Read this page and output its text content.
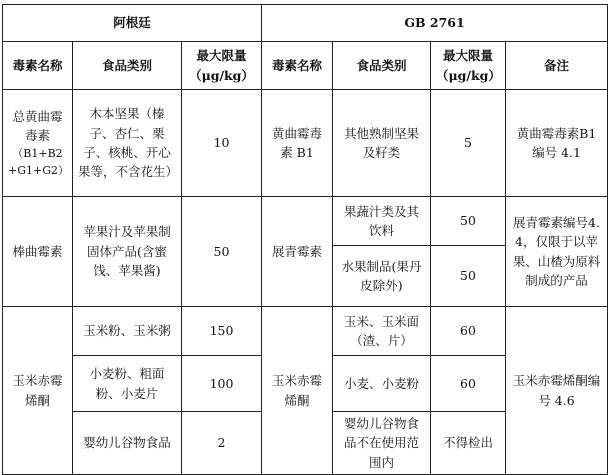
阿根廷			GB 2761			
毒素名称	食品类别	最大限量（μg/kg）	毒素名称	食品类别	最大限量（μg/kg）	备注

总黄曲霉毒素
（B1+B2+G1+G2）	木本坚果（榛子、杏仁、栗子、核桃、开心果等，不含花生）	10	黄曲霉毒素 B1	其他熟制坚果及籽类	5	黄曲霉毒素B1编号 4.1
棒曲霉素	苹果汁及苹果制固体产品(含蜜饯、苹果酱)	50	展青霉素	果蔬汁类及其饮料	50	展青霉素编号4.4，仅限于以苹果、山楂为原料制成的产品
				水果制品(果丹皮除外)	50	
玉米赤霉烯酮	玉米粉、玉米粥	150	玉米赤霉烯酮	玉米、玉米面（渣、片）	60	玉米赤霉烯酮编号 4.6
	小麦粉、粗面粉、小麦片	100		小麦、小麦粉	60	
	婴幼儿谷物食品	2		婴幼儿谷物食品不在使用范围内	不得检出	
